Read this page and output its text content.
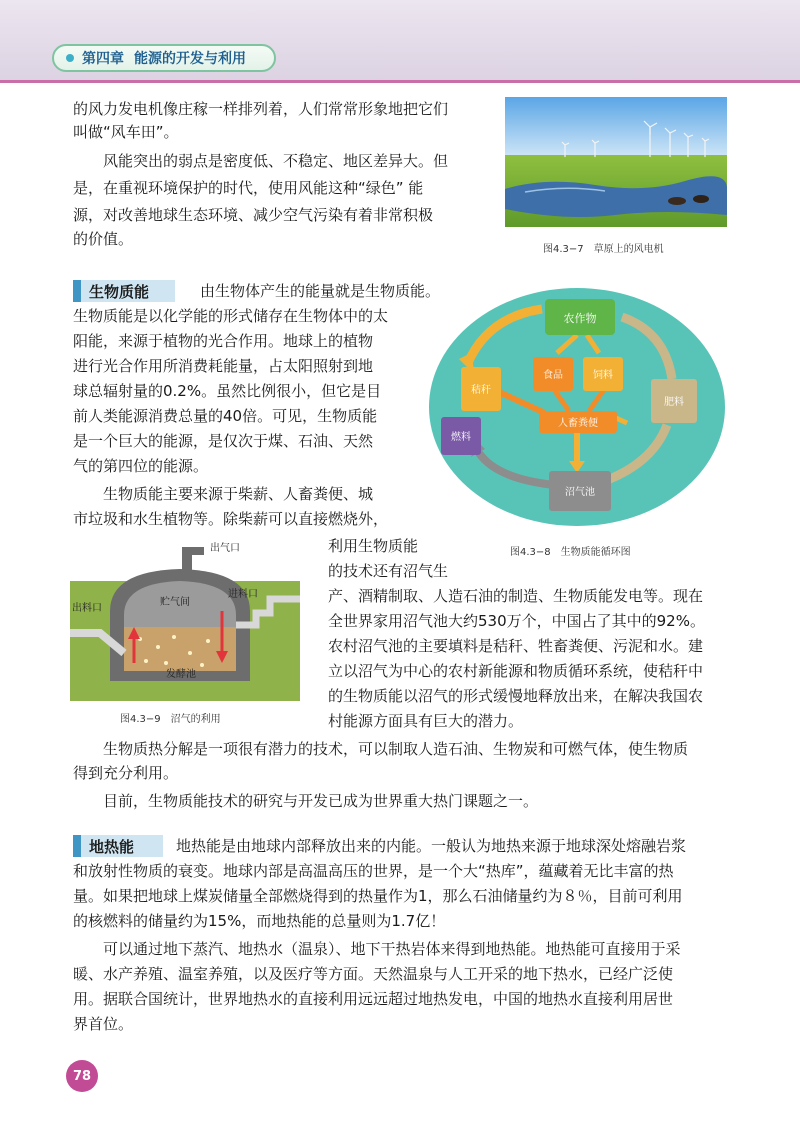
第四章 能源的开发与利用

的风力发电机像庄稼一样排列着，人们常常形象地把它们

叫做“风车田”。

　　风能突出的弱点是密度低、不稳定、地区差异大。但

是，在重视环境保护的时代，使用风能这种“绿色” 能

源，对改善地球生态环境、减少空气污染有着非常积极

的价值。

图4.3−7　草原上的风电机
生物质能	由生物体产生的能量就是生物质能。

生物质能是以化学能的形式储存在生物体中的太

阳能，来源于植物的光合作用。地球上的植物

进行光合作用所消费耗能量，占太阳照射到地

球总辐射量的0.2%。虽然比例很小，但它是目

前人类能源消费总量的40倍。可见，生物质能

是一个巨大的能源，是仅次于煤、石油、天然

气的第四位的能源。

　　生物质能主要来源于柴薪、人畜粪便、城

市垃圾和水生植物等。除柴薪可以直接燃烧外，

农作物
食品	饲料
秸秆
人畜粪便
肥料
燃料
沼气池
图4.3−8　生物质能循环图
出气口
贮气间
进料口
出料口
发酵池
图4.3−9　沼气的利用

利用生物质能

的技术还有沼气生

产、酒精制取、人造石油的制造、生物质能发电等。现在

全世界家用沼气池大约530万个，中国占了其中的92%。

农村沼气池的主要填料是秸秆、牲畜粪便、污泥和水。建

立以沼气为中心的农村新能源和物质循环系统，使秸秆中

的生物质能以沼气的形式缓慢地释放出来，在解决我国农

村能源方面具有巨大的潜力。

　　生物质热分解是一项很有潜力的技术，可以制取人造石油、生物炭和可燃气体，使生物质

得到充分利用。

　　目前，生物质能技术的研究与开发已成为世界重大热门课题之一。

地热能	地热能是由地球内部释放出来的内能。一般认为地热来源于地球深处熔融岩浆

和放射性物质的衰变。地球内部是高温高压的世界，是一个大“热库”，蕴藏着无比丰富的热

量。如果把地球上煤炭储量全部燃烧得到的热量作为1，那么石油储量约为８％，目前可利用

的核燃料的储量约为15%，而地热能的总量则为1.7亿！

　　可以通过地下蒸汽、地热水（温泉）、地下干热岩体来得到地热能。地热能可直接用于采

暖、水产养殖、温室养殖，以及医疗等方面。天然温泉与人工开采的地下热水，已经广泛使

用。据联合国统计，世界地热水的直接利用远远超过地热发电，中国的地热水直接利用居世

界首位。

78
